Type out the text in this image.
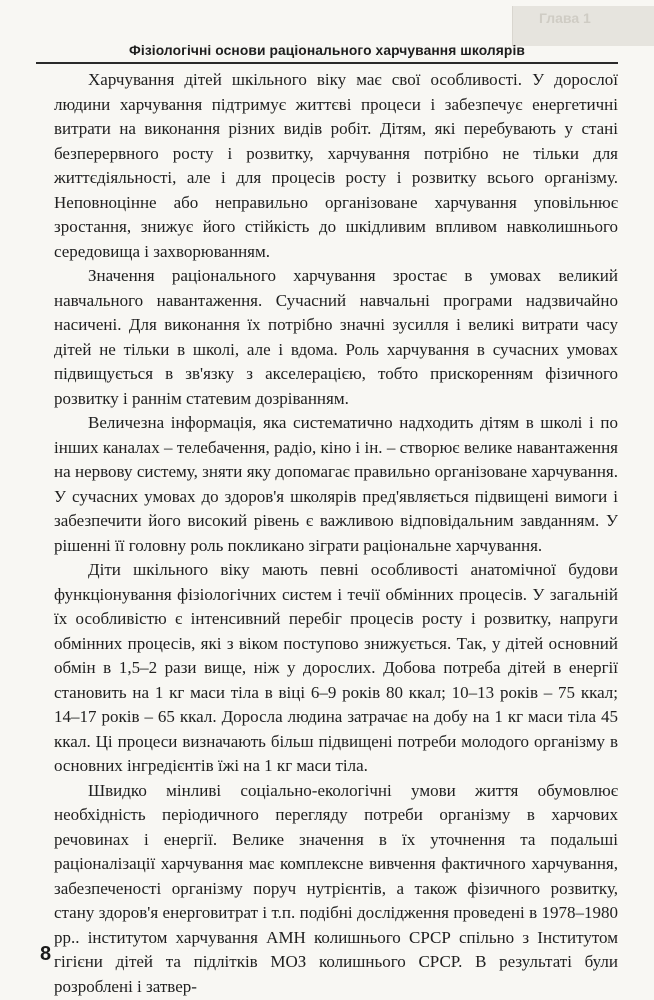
Глава 1
Фізіологічні основи раціонального харчування школярів

Харчування дітей шкільного віку має свої особливості. У дорослої людини харчування підтримує життєві процеси і забезпечує енергетичні витрати на виконання різних видів робіт. Дітям, які перебувають у стані безперервного росту і розвитку, харчування потрібно не тільки для життєдіяльності, але і для процесів росту і розвитку всього організму. Неповноцінне або неправильно організоване харчування уповільнює зростання, знижує його стійкість до шкідливим впливом навколишнього середовища і захворюванням.

Значення раціонального харчування зростає в умовах великий навчального навантаження. Сучасний навчальні програми надзвичайно насичені. Для виконання їх потрібно значні зусилля і великі витрати часу дітей не тільки в школі, але і вдома. Роль харчування в сучасних умовах підвищується в зв'язку з акселерацією, тобто прискоренням фізичного розвитку і раннім статевим дозріванням.

Величезна інформація, яка систематично надходить дітям в школі і по інших каналах – телебачення, радіо, кіно і ін. – створює велике навантаження на нервову систему, зняти яку допомагає правильно організоване харчування. У сучасних умовах до здоров'я школярів пред'являється підвищені вимоги і забезпечити його високий рівень є важливою відповідальним завданням. У рішенні її головну роль покликано зіграти раціональне харчування.

Діти шкільного віку мають певні особливості анатомічної будови функціонування фізіологічних систем і течії обмінних процесів. У загальній їх особливістю є інтенсивний перебіг процесів росту і розвитку, напруги обмінних процесів, які з віком поступово знижується. Так, у дітей основний обмін в 1,5–2 рази вище, ніж у дорослих. Добова потреба дітей в енергії становить на 1 кг маси тіла в віці 6–9 років 80 ккал; 10–13 років – 75 ккал; 14–17 років – 65 ккал. Доросла людина затрачає на добу на 1 кг маси тіла 45 ккал. Ці процеси визначають більш підвищені потреби молодого організму в основних інгредієнтів їжі на 1 кг маси тіла.

Швидко мінливі соціально-екологічні умови життя обумовлює необхідність періодичного перегляду потреби організму в харчових речовинах і енергії. Велике значення в їх уточнення та подальші раціоналізації харчування має комплексне вивчення фактичного харчування, забезпеченості організму поруч нутрієнтів, а також фізичного розвитку, стану здоров'я енерговитрат і т.п. подібні дослідження проведені в 1978–1980 рр.. інститутом харчування АМН колишнього СРСР спільно з Інститутом гігієни дітей та підлітків МОЗ колишнього СРСР. В результаті були розроблені і затвер-

8
